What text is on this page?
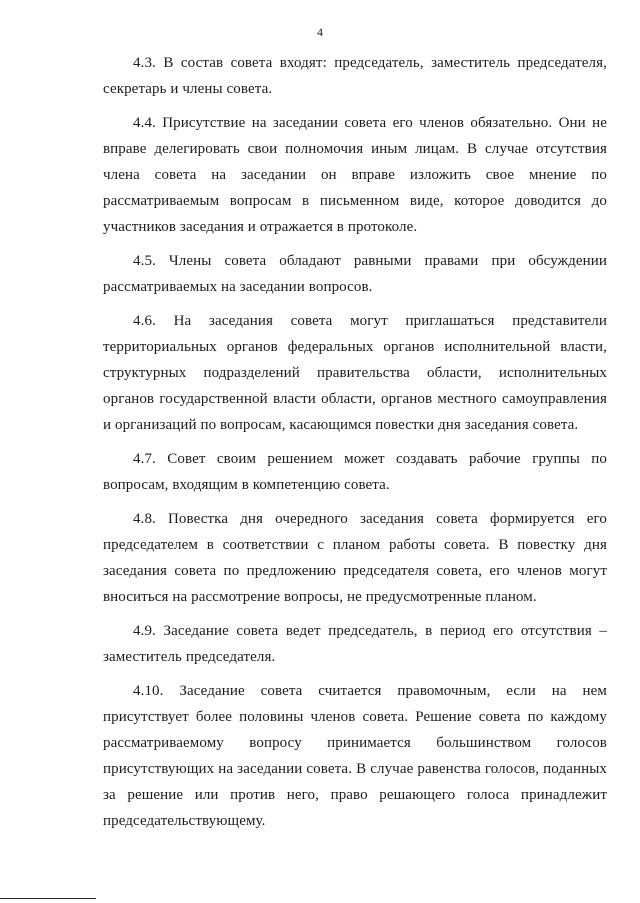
4

4.3. В состав совета входят: председатель, заместитель председателя, секретарь и члены совета.

4.4. Присутствие на заседании совета его членов обязательно. Они не вправе делегировать свои полномочия иным лицам. В случае отсутствия члена совета на заседании он вправе изложить свое мнение по рассматриваемым вопросам в письменном виде, которое доводится до участников заседания и отражается в протоколе.

4.5. Члены совета обладают равными правами при обсуждении рассматриваемых на заседании вопросов.

4.6. На заседания совета могут приглашаться представители территориальных органов федеральных органов исполнительной власти, структурных подразделений правительства области, исполнительных органов государственной власти области, органов местного самоуправления и организаций по вопросам, касающимся повестки дня заседания совета.

4.7. Совет своим решением может создавать рабочие группы по вопросам, входящим в компетенцию совета.

4.8. Повестка дня очередного заседания совета формируется его председателем в соответствии с планом работы совета. В повестку дня заседания совета по предложению председателя совета, его членов могут вноситься на рассмотрение вопросы, не предусмотренные планом.

4.9. Заседание совета ведет председатель, в период его отсутствия – заместитель председателя.

4.10. Заседание совета считается правомочным, если на нем присутствует более половины членов совета. Решение совета по каждому рассматриваемому вопросу принимается большинством голосов присутствующих на заседании совета. В случае равенства голосов, поданных за решение или против него, право решающего голоса принадлежит председательствующему.
